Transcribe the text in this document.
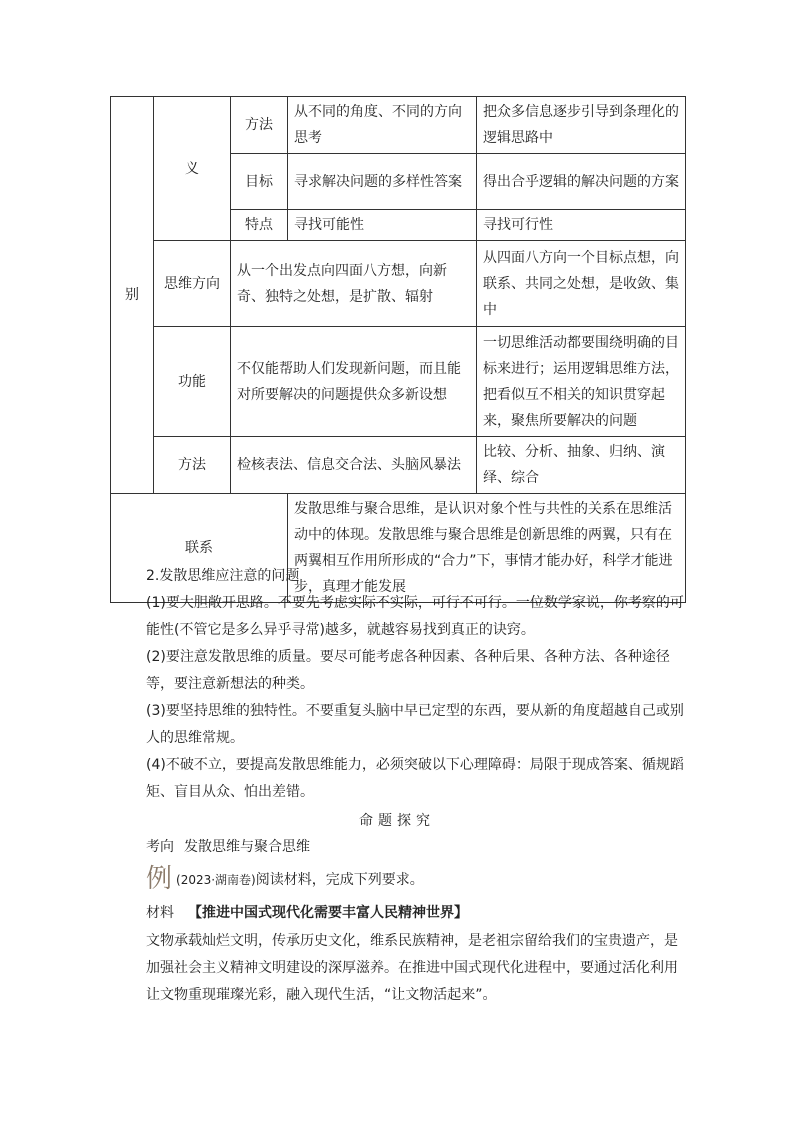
别	义	方法	从不同的角度、不同的方向思考	把众多信息逐步引导到条理化的逻辑思路中
		目标	寻求解决问题的多样性答案	得出合乎逻辑的解决问题的方案
		特点	寻找可能性	寻找可行性
	思维方向	从一个出发点向四面八方想，向新奇、独特之处想，是扩散、辐射		从四面八方向一个目标点想，向联系、共同之处想，是收敛、集中
	功能	不仅能帮助人们发现新问题，而且能对所要解决的问题提供众多新设想		一切思维活动都要围绕明确的目标来进行；运用逻辑思维方法，把看似互不相关的知识贯穿起来，聚焦所要解决的问题
	方法	检核表法、信息交合法、头脑风暴法		比较、分析、抽象、归纳、演绎、综合
联系			发散思维与聚合思维，是认识对象个性与共性的关系在思维活动中的体现。发散思维与聚合思维是创新思维的两翼，只有在两翼相互作用所形成的“合力”下，事情才能办好，科学才能进步，真理才能发展	

2.发散思维应注意的问题

(1)要大胆敞开思路。不要先考虑实际不实际，可行不可行。一位数学家说，你考察的可能性(不管它是多么异乎寻常)越多，就越容易找到真正的诀窍。

(2)要注意发散思维的质量。要尽可能考虑各种因素、各种后果、各种方法、各种途径等，要注意新想法的种类。

(3)要坚持思维的独特性。不要重复头脑中早已定型的东西，要从新的角度超越自己或别人的思维常规。

(4)不破不立，要提高发散思维能力，必须突破以下心理障碍：局限于现成答案、循规蹈矩、盲目从众、怕出差错。

命题探究
考向 发散思维与聚合思维
例 (2023·湖南卷)阅读材料，完成下列要求。
材料 【推进中国式现代化需要丰富人民精神世界】

文物承载灿烂文明，传承历史文化，维系民族精神，是老祖宗留给我们的宝贵遗产，是加强社会主义精神文明建设的深厚滋养。在推进中国式现代化进程中，要通过活化利用让文物重现璀璨光彩，融入现代生活，“让文物活起来”。
